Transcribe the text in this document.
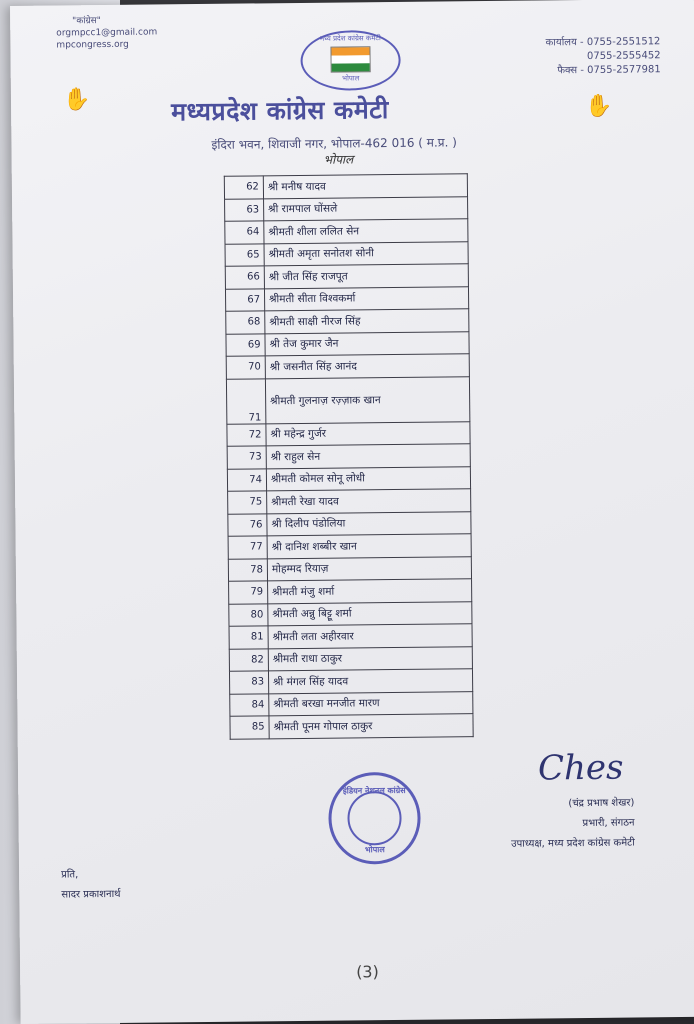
"कांग्रेस"
orgmpcc1@gmail.com
mpcongress.org
मध्य प्रदेश कांग्रेस कमेटी
भोपाल
कार्यालय - 0755-2551512
0755-2555452
फैक्स - 0755-2577981
✋	✋
मध्यप्रदेश कांग्रेस कमेटी
इंदिरा भवन, शिवाजी नगर, भोपाल-462 016 ( म.प्र. )
भोपाल
62	श्री मनीष यादव
63	श्री रामपाल घोंसले
64	श्रीमती शीला ललित सेन
65	श्रीमती अमृता सनोतश सोनी
66	श्री जीत सिंह राजपूत
67	श्रीमती सीता विश्वकर्मा
68	श्रीमती साक्षी नीरज सिंह
69	श्री तेज कुमार जैन
70	श्री जसनीत सिंह आनंद
71	श्रीमती गुलनाज़ रज़्ज़ाक खान
72	श्री महेन्द्र गुर्जर
73	श्री राहुल सेन
74	श्रीमती कोमल सोनू लोधी
75	श्रीमती रेखा यादव
76	श्री दिलीप पंडोलिया
77	श्री दानिश शब्बीर खान
78	मोहम्मद रियाज़
79	श्रीमती मंजु शर्मा
80	श्रीमती अन्नु बिट्टू शर्मा
81	श्रीमती लता अहीरवार
82	श्रीमती राधा ठाकुर
83	श्री मंगल सिंह यादव
84	श्रीमती बरखा मनजीत मारण
85	श्रीमती पूनम गोपाल ठाकुर
इंडियन नेशनल कांग्रेस
भोपाल
Ches
(चंद्र प्रभाष शेखर)
प्रभारी, संगठन
उपाध्यक्ष, मध्य प्रदेश कांग्रेस कमेटी
प्रति,
सादर प्रकाशनार्थ
(3)
